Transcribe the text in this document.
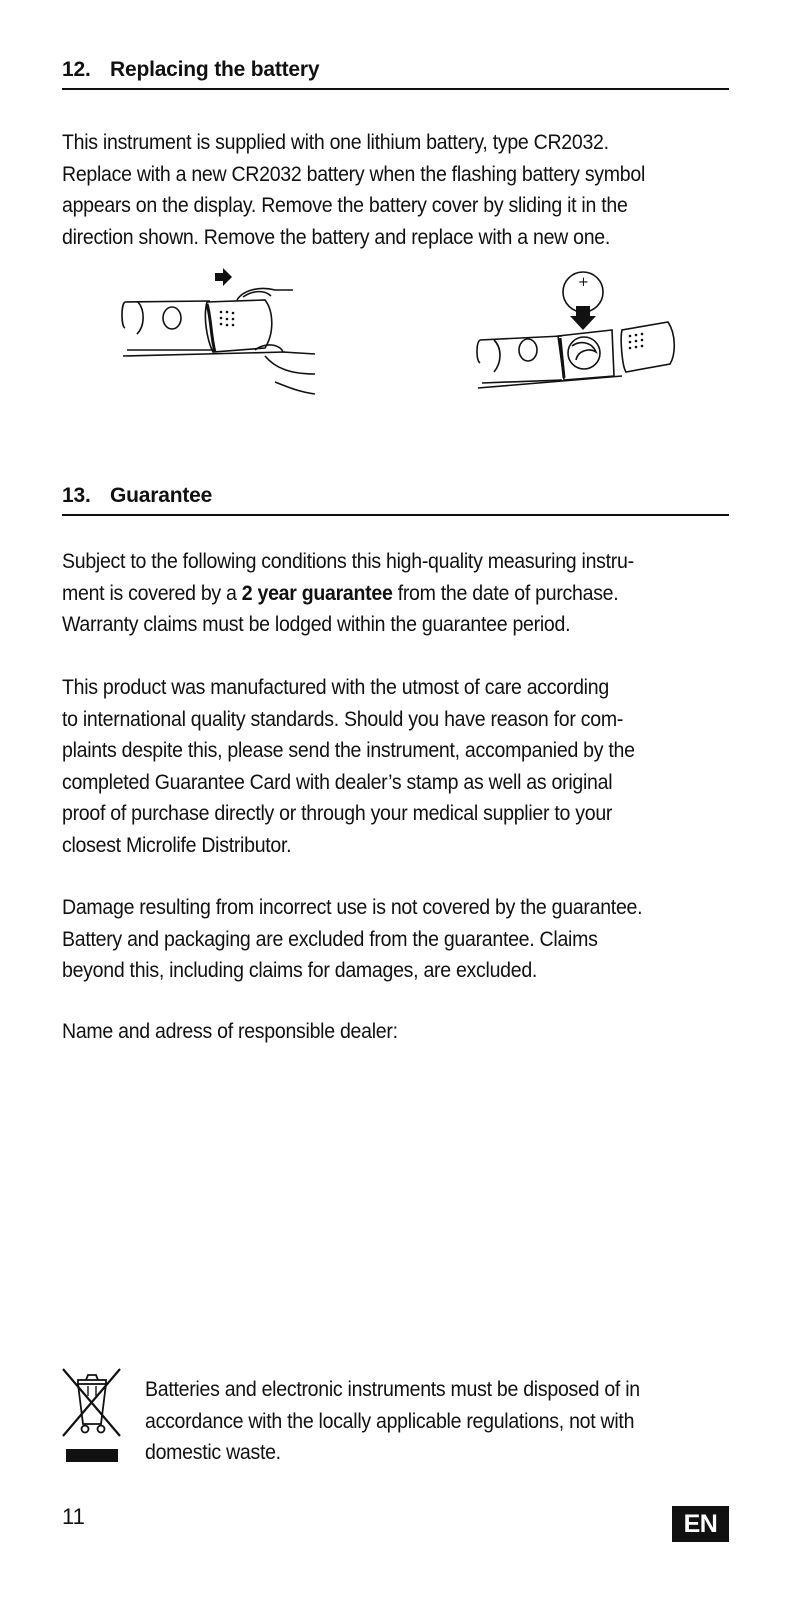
12. Replacing the battery
This instrument is supplied with one lithium battery, type CR2032.
Replace with a new CR2032 battery when the flashing battery symbol
appears on the display. Remove the battery cover by sliding it in the
direction shown. Remove the battery and replace with a new one.
+
13. Guarantee
Subject to the following conditions this high-quality measuring instru-
ment is covered by a 2 year guarantee from the date of purchase.
Warranty claims must be lodged within the guarantee period.
This product was manufactured with the utmost of care according
to international quality standards. Should you have reason for com-
plaints despite this, please send the instrument, accompanied by the
completed Guarantee Card with dealer’s stamp as well as original
proof of purchase directly or through your medical supplier to your
closest Microlife Distributor.
Damage resulting from incorrect use is not covered by the guarantee.
Battery and packaging are excluded from the guarantee. Claims
beyond this, including claims for damages, are excluded.
Name and adress of responsible dealer:
Batteries and electronic instruments must be disposed of in
accordance with the locally applicable regulations, not with
domestic waste.
11	EN
